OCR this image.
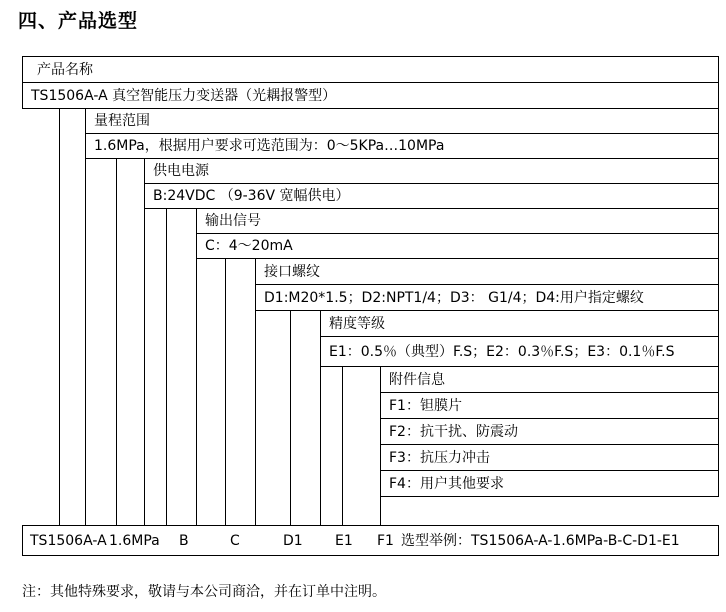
四、产品选型
产品名称
TS1506A-A 真空智能压力变送器（光耦报警型）
量程范围
1.6MPa，根据用户要求可选范围为：0～5KPa…10MPa
供电电源
B:24VDC （9-36V 宽幅供电）
输出信号
C：4～20mA
接口螺纹
D1:M20*1.5；D2:NPT1/4；D3： G1/4；D4:用户指定螺纹
精度等级
E1：0.5％（典型）F.S；E2：0.3％F.S；E3：0.1％F.S
附件信息
F1：钽膜片
F2：抗干扰、防震动
F3：抗压力冲击
F4：用户其他要求
TS1506A-A 1.6MPa B	C	D1 E1 F1 选型举例：TS1506A-A-1.6MPa-B-C-D1-E1
注：其他特殊要求，敬请与本公司商洽，并在订单中注明。
